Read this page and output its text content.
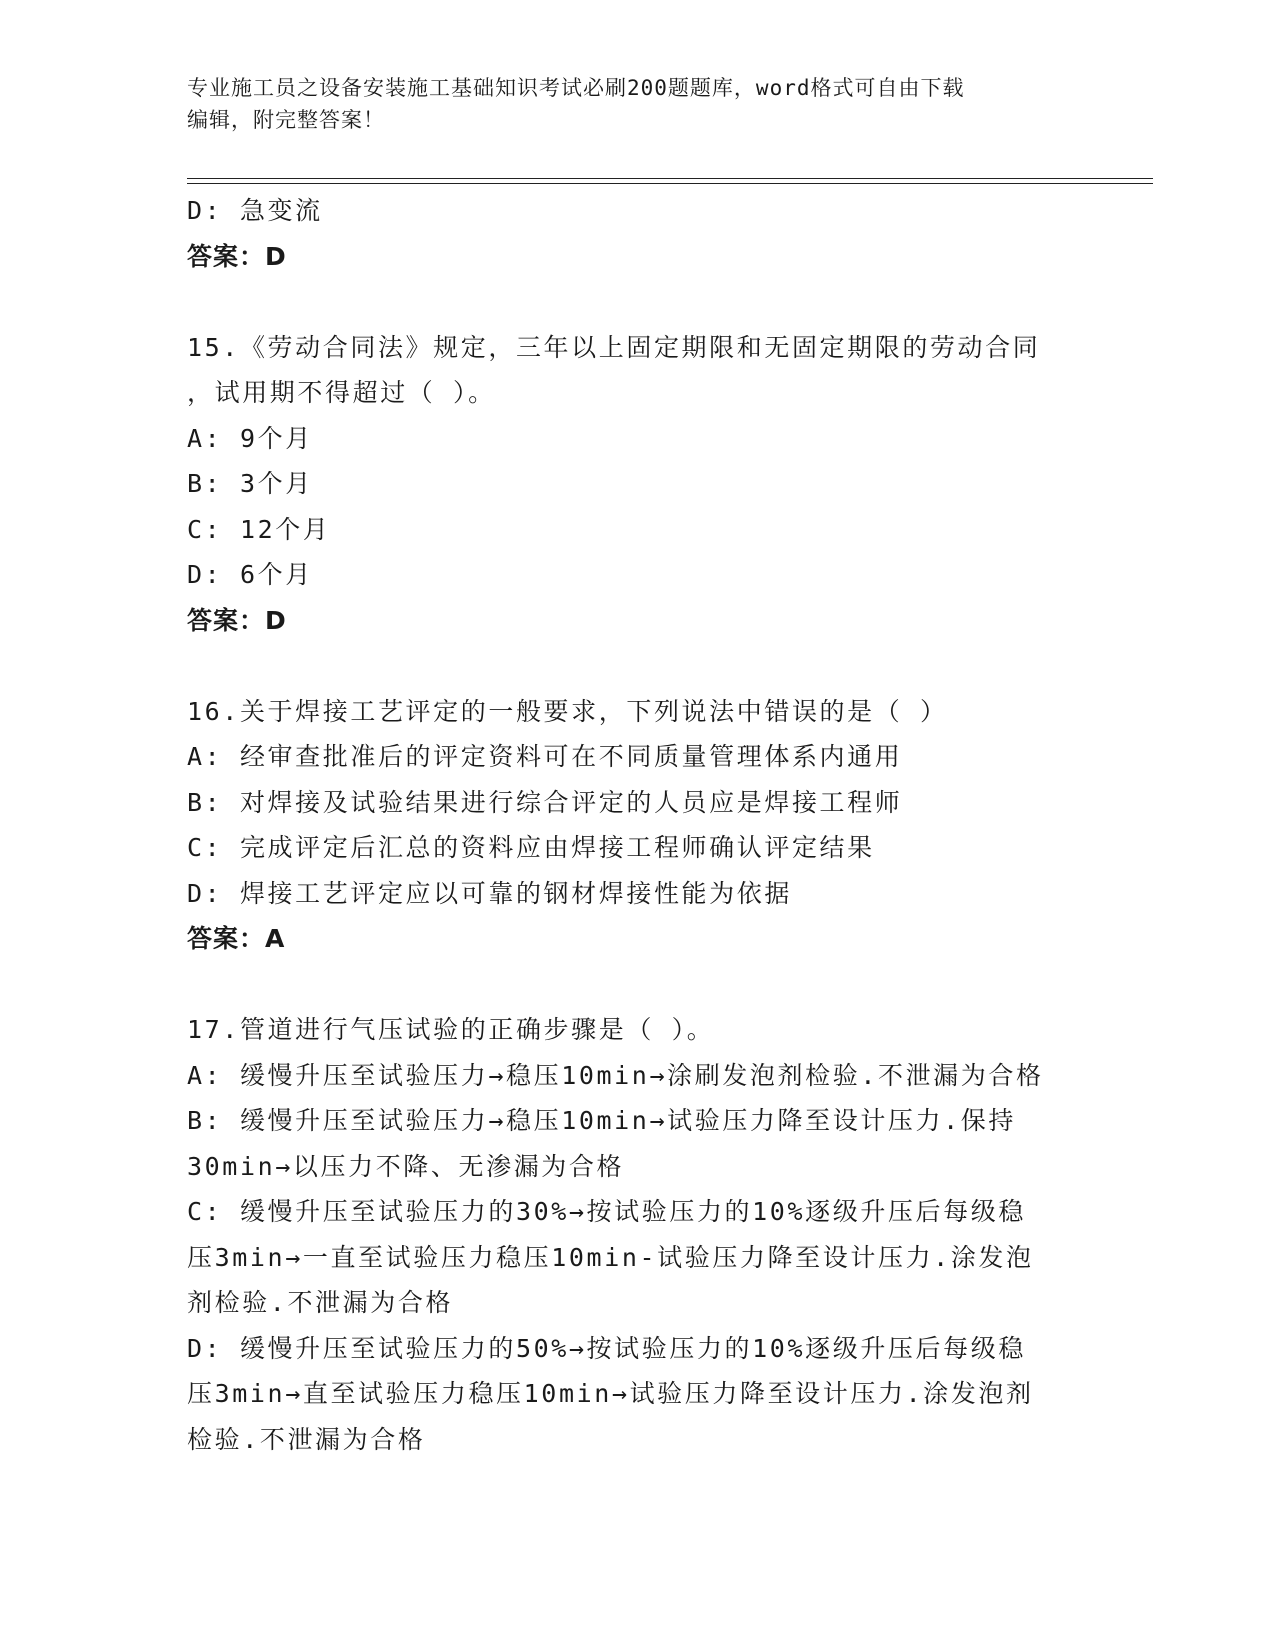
专业施工员之设备安装施工基础知识考试必刷200题题库，word格式可自由下载
编辑，附完整答案！
D: 急变流
答案：D
15.《劳动合同法》规定，三年以上固定期限和无固定期限的劳动合同
，试用期不得超过（ ）。
A: 9个月
B: 3个月
C: 12个月
D: 6个月
答案：D
16.关于焊接工艺评定的一般要求，下列说法中错误的是（ ）
A: 经审查批准后的评定资料可在不同质量管理体系内通用
B: 对焊接及试验结果进行综合评定的人员应是焊接工程师
C: 完成评定后汇总的资料应由焊接工程师确认评定结果
D: 焊接工艺评定应以可靠的钢材焊接性能为依据
答案：A
17.管道进行气压试验的正确步骤是（ ）。
A: 缓慢升压至试验压力→稳压10min→涂刷发泡剂检验.不泄漏为合格
B: 缓慢升压至试验压力→稳压10min→试验压力降至设计压力.保持
30min→以压力不降、无渗漏为合格
C: 缓慢升压至试验压力的30%→按试验压力的10%逐级升压后每级稳
压3min→一直至试验压力稳压10min-试验压力降至设计压力.涂发泡
剂检验.不泄漏为合格
D: 缓慢升压至试验压力的50%→按试验压力的10%逐级升压后每级稳
压3min→直至试验压力稳压10min→试验压力降至设计压力.涂发泡剂
检验.不泄漏为合格
